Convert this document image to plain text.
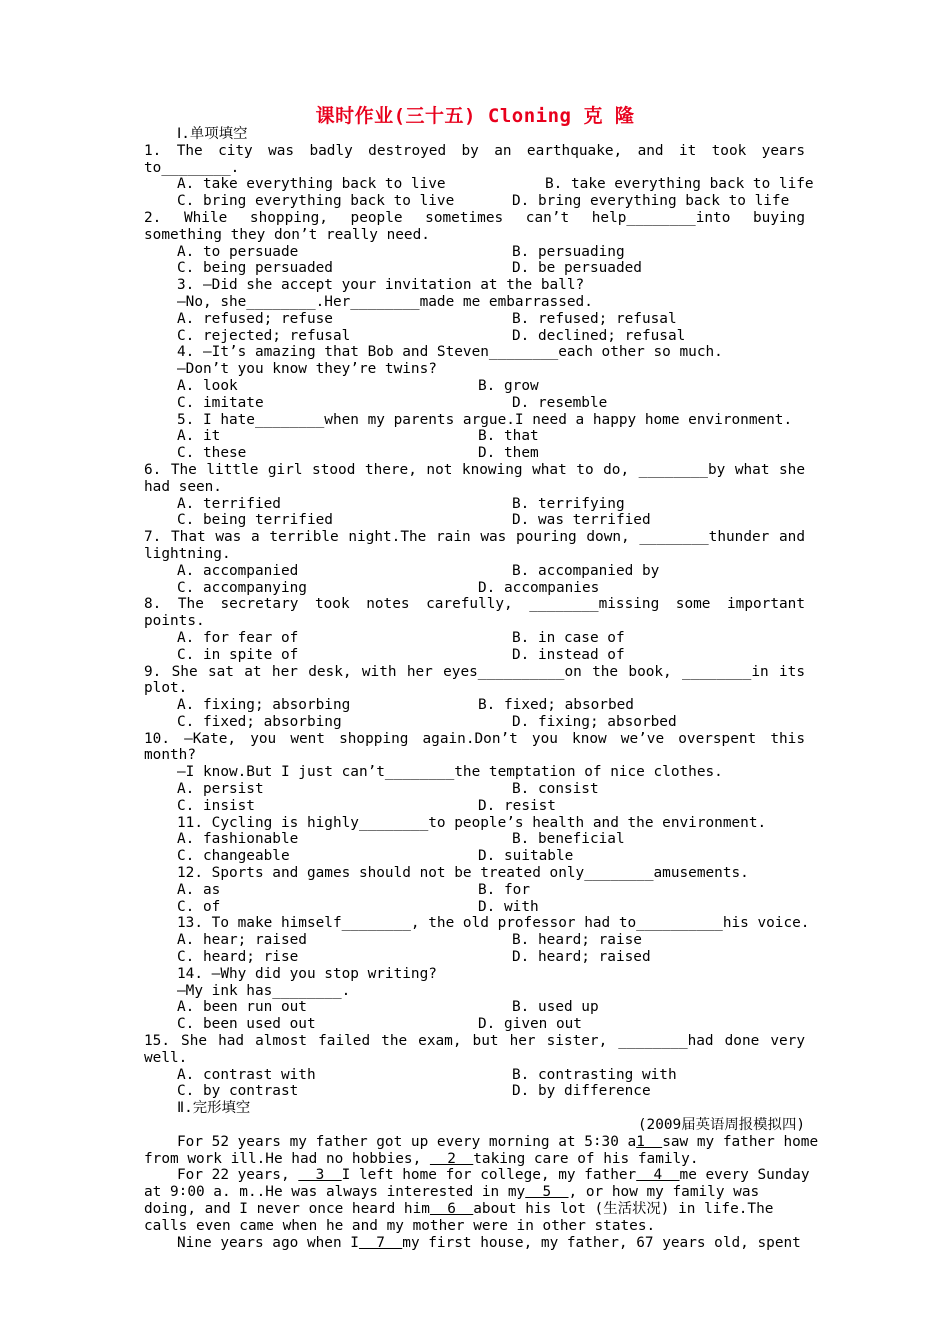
课时作业(三十五) Cloning 克 隆
Ⅰ.单项填空
1. The city was badly destroyed by an earthquake, and it took years
to________.
A. take everything back to live	B. take everything back to life
C. bring everything back to live	D. bring everything back to life
2. While shopping, people sometimes can’t help________into buying
something they don’t really need.
A. to persuade	B. persuading
C. being persuaded	D. be persuaded
3. —Did she accept your invitation at the ball?
—No, she________.Her________made me embarrassed.
A. refused; refuse	B. refused; refusal
C. rejected; refusal	D. declined; refusal
4. —It’s amazing that Bob and Steven________each other so much.
—Don’t you know they’re twins?
A. look	B. grow
C. imitate	D. resemble
5. I hate________when my parents argue.I need a happy home environment.
A. it	B. that
C. these	D. them
6. The little girl stood there, not knowing what to do, ________by what she
had seen.
A. terrified	B. terrifying
C. being terrified	D. was terrified
7. That was a terrible night.The rain was pouring down, ________thunder and
lightning.
A. accompanied	B. accompanied by
C. accompanying	D. accompanies
8. The secretary took notes carefully, ________missing some important
points.
A. for fear of	B. in case of
C. in spite of	D. instead of
9. She sat at her desk, with her eyes__________on the book, ________in its
plot.
A. fixing; absorbing	B. fixed; absorbed
C. fixed; absorbing	D. fixing; absorbed
10. —Kate, you went shopping again.Don’t you know we’ve overspent this
month?
—I know.But I just can’t________the temptation of nice clothes.
A. persist	B. consist
C. insist	D. resist
11. Cycling is highly________to people’s health and the environment.
A. fashionable	B. beneficial
C. changeable	D. suitable
12. Sports and games should not be treated only________amusements.
A. as	B. for
C. of	D. with
13. To make himself________, the old professor had to__________his voice.
A. hear; raised	B. heard; raise
C. heard; rise	D. heard; raised
14. —Why did you stop writing?
—My ink has________.
A. been run out	B. used up
C. been used out	D. given out
15. She had almost failed the exam, but her sister, ________had done very
well.
A. contrast with	B. contrasting with
C. by contrast	D. by difference
Ⅱ.完形填空
(2009届英语周报模拟四)
For 52 years my father got up every morning at 5∶30 a1  saw my father home
from work ill.He had no hobbies,   2  taking care of his family.
For 22 years,   3  I left home for college, my father  4  me every Sunday
at 9∶00 a. m..He was always interested in my  5  , or how my family was
doing, and I never once heard him  6  about his lot (生活状况) in life.The
calls even came when he and my mother were in other states.
Nine years ago when I  7  my first house, my father, 67 years old, spent
